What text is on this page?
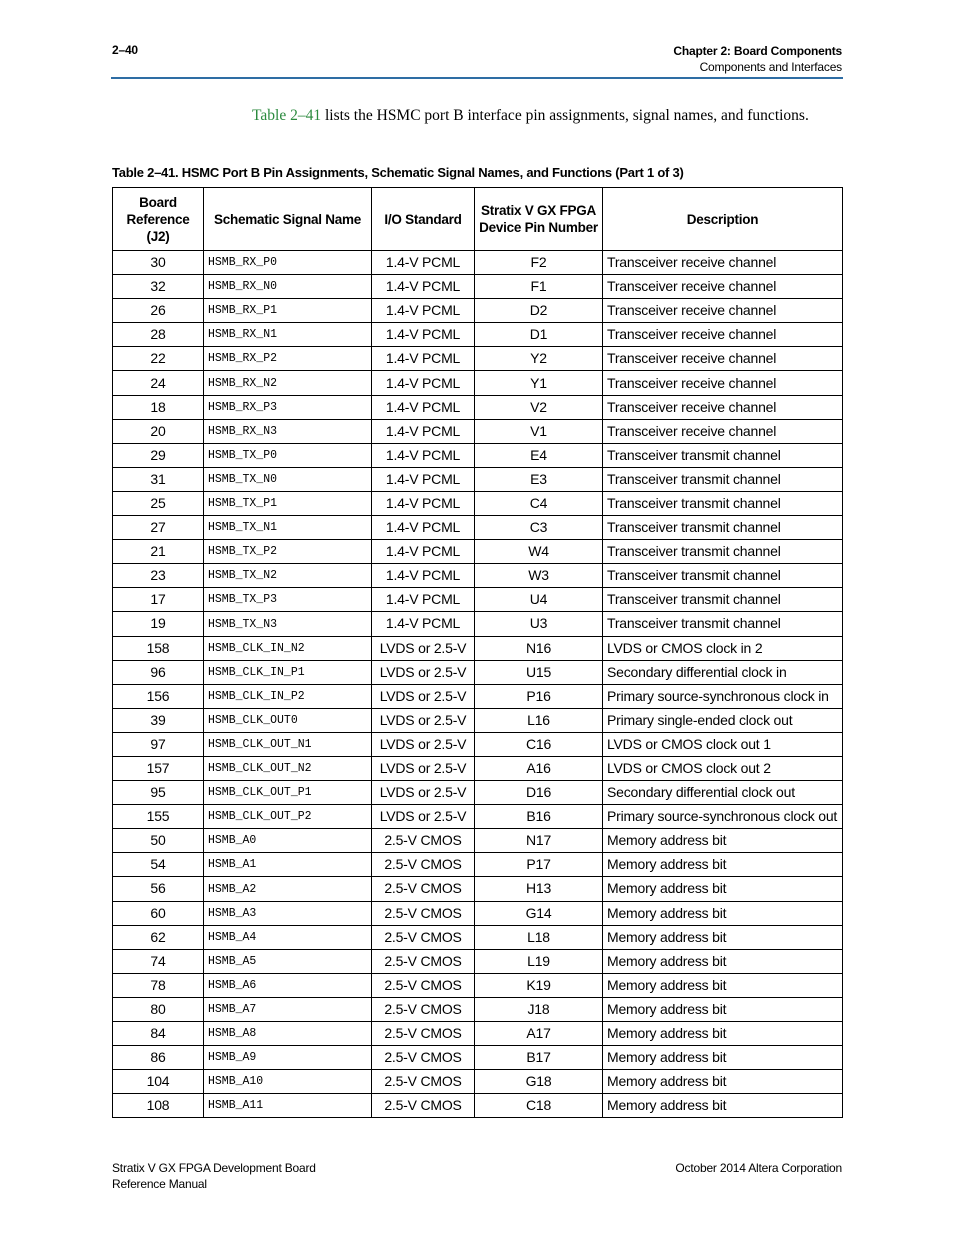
2–40	Chapter 2: Board Components
Components and Interfaces

Table 2–41 lists the HSMC port B interface pin assignments, signal names, and functions.

Table 2–41. HSMC Port B Pin Assignments, Schematic Signal Names, and Functions (Part 1 of 3)
Board Reference (J2)	Schematic Signal Name	I/O Standard	Stratix V GX FPGA Device Pin Number	Description
30	HSMB_RX_P0	1.4-V PCML	F2	Transceiver receive channel
32	HSMB_RX_N0	1.4-V PCML	F1	Transceiver receive channel
26	HSMB_RX_P1	1.4-V PCML	D2	Transceiver receive channel
28	HSMB_RX_N1	1.4-V PCML	D1	Transceiver receive channel
22	HSMB_RX_P2	1.4-V PCML	Y2	Transceiver receive channel
24	HSMB_RX_N2	1.4-V PCML	Y1	Transceiver receive channel
18	HSMB_RX_P3	1.4-V PCML	V2	Transceiver receive channel
20	HSMB_RX_N3	1.4-V PCML	V1	Transceiver receive channel
29	HSMB_TX_P0	1.4-V PCML	E4	Transceiver transmit channel
31	HSMB_TX_N0	1.4-V PCML	E3	Transceiver transmit channel
25	HSMB_TX_P1	1.4-V PCML	C4	Transceiver transmit channel
27	HSMB_TX_N1	1.4-V PCML	C3	Transceiver transmit channel
21	HSMB_TX_P2	1.4-V PCML	W4	Transceiver transmit channel
23	HSMB_TX_N2	1.4-V PCML	W3	Transceiver transmit channel
17	HSMB_TX_P3	1.4-V PCML	U4	Transceiver transmit channel
19	HSMB_TX_N3	1.4-V PCML	U3	Transceiver transmit channel
158	HSMB_CLK_IN_N2	LVDS or 2.5-V	N16	LVDS or CMOS clock in 2
96	HSMB_CLK_IN_P1	LVDS or 2.5-V	U15	Secondary differential clock in
156	HSMB_CLK_IN_P2	LVDS or 2.5-V	P16	Primary source-synchronous clock in
39	HSMB_CLK_OUT0	LVDS or 2.5-V	L16	Primary single-ended clock out
97	HSMB_CLK_OUT_N1	LVDS or 2.5-V	C16	LVDS or CMOS clock out 1
157	HSMB_CLK_OUT_N2	LVDS or 2.5-V	A16	LVDS or CMOS clock out 2
95	HSMB_CLK_OUT_P1	LVDS or 2.5-V	D16	Secondary differential clock out
155	HSMB_CLK_OUT_P2	LVDS or 2.5-V	B16	Primary source-synchronous clock out
50	HSMB_A0	2.5-V CMOS	N17	Memory address bit
54	HSMB_A1	2.5-V CMOS	P17	Memory address bit
56	HSMB_A2	2.5-V CMOS	H13	Memory address bit
60	HSMB_A3	2.5-V CMOS	G14	Memory address bit
62	HSMB_A4	2.5-V CMOS	L18	Memory address bit
74	HSMB_A5	2.5-V CMOS	L19	Memory address bit
78	HSMB_A6	2.5-V CMOS	K19	Memory address bit
80	HSMB_A7	2.5-V CMOS	J18	Memory address bit
84	HSMB_A8	2.5-V CMOS	A17	Memory address bit
86	HSMB_A9	2.5-V CMOS	B17	Memory address bit
104	HSMB_A10	2.5-V CMOS	G18	Memory address bit
108	HSMB_A11	2.5-V CMOS	C18	Memory address bit
Stratix V GX FPGA Development Board
Reference Manual
October 2014 Altera Corporation
